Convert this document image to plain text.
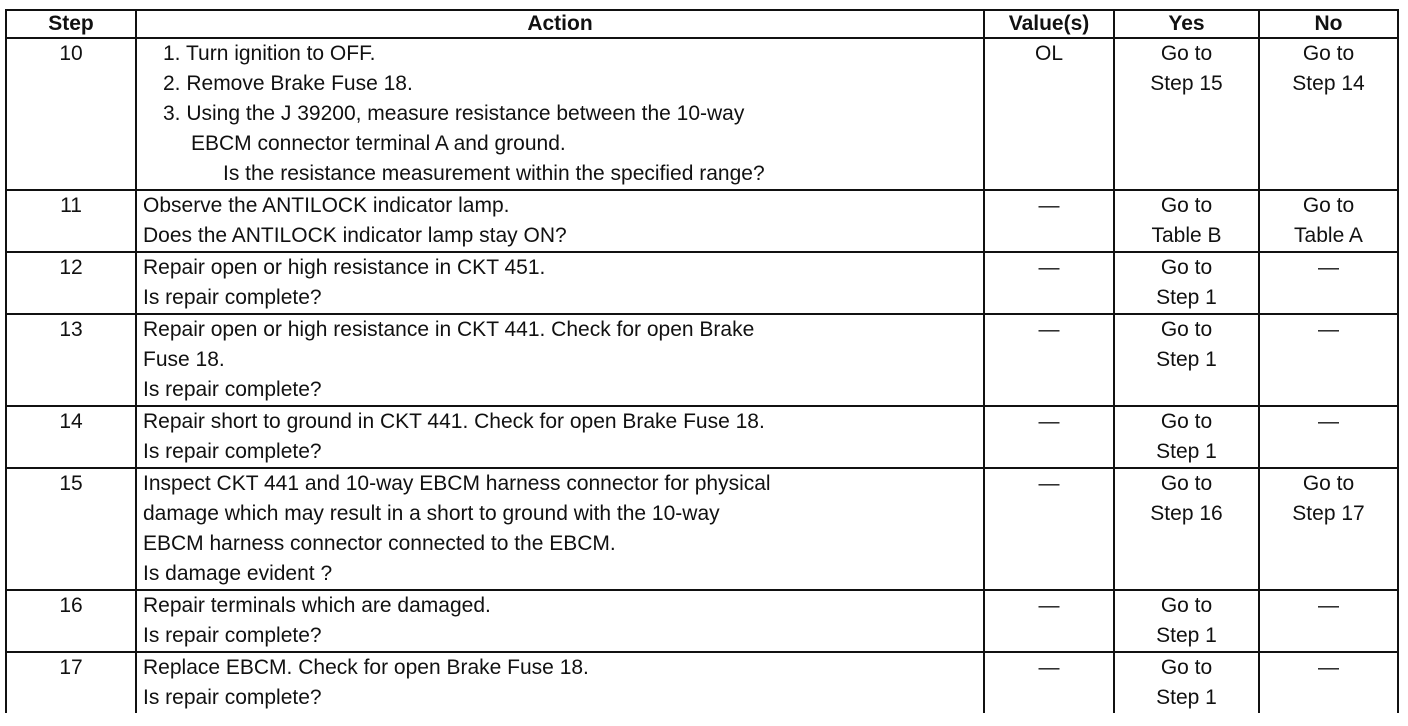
Step	Action	Value(s)	Yes	No
10	1. Turn ignition to OFF.
2. Remove Brake Fuse 18.
3. Using the J 39200, measure resistance between the 10-way
EBCM connector terminal A and ground.
Is the resistance measurement within the specified range?	OL	Go to
Step 15	Go to
Step 14

11	Observe the ANTILOCK indicator lamp.
Does the ANTILOCK indicator lamp stay ON?	—	Go to
Table B	Go to
Table A

12	Repair open or high resistance in CKT 451.
Is repair complete?	—	Go to
Step 1	—

13	Repair open or high resistance in CKT 441. Check for open Brake
Fuse 18.
Is repair complete?	—	Go to
Step 1	—

14	Repair short to ground in CKT 441. Check for open Brake Fuse 18.
Is repair complete?	—	Go to
Step 1	—

15	Inspect CKT 441 and 10-way EBCM harness connector for physical
damage which may result in a short to ground with the 10-way
EBCM harness connector connected to the EBCM.
Is damage evident ?	—	Go to
Step 16	Go to
Step 17

16	Repair terminals which are damaged.
Is repair complete?	—	Go to
Step 1	—

17	Replace EBCM. Check for open Brake Fuse 18.
Is repair complete?	—	Go to
Step 1	—
